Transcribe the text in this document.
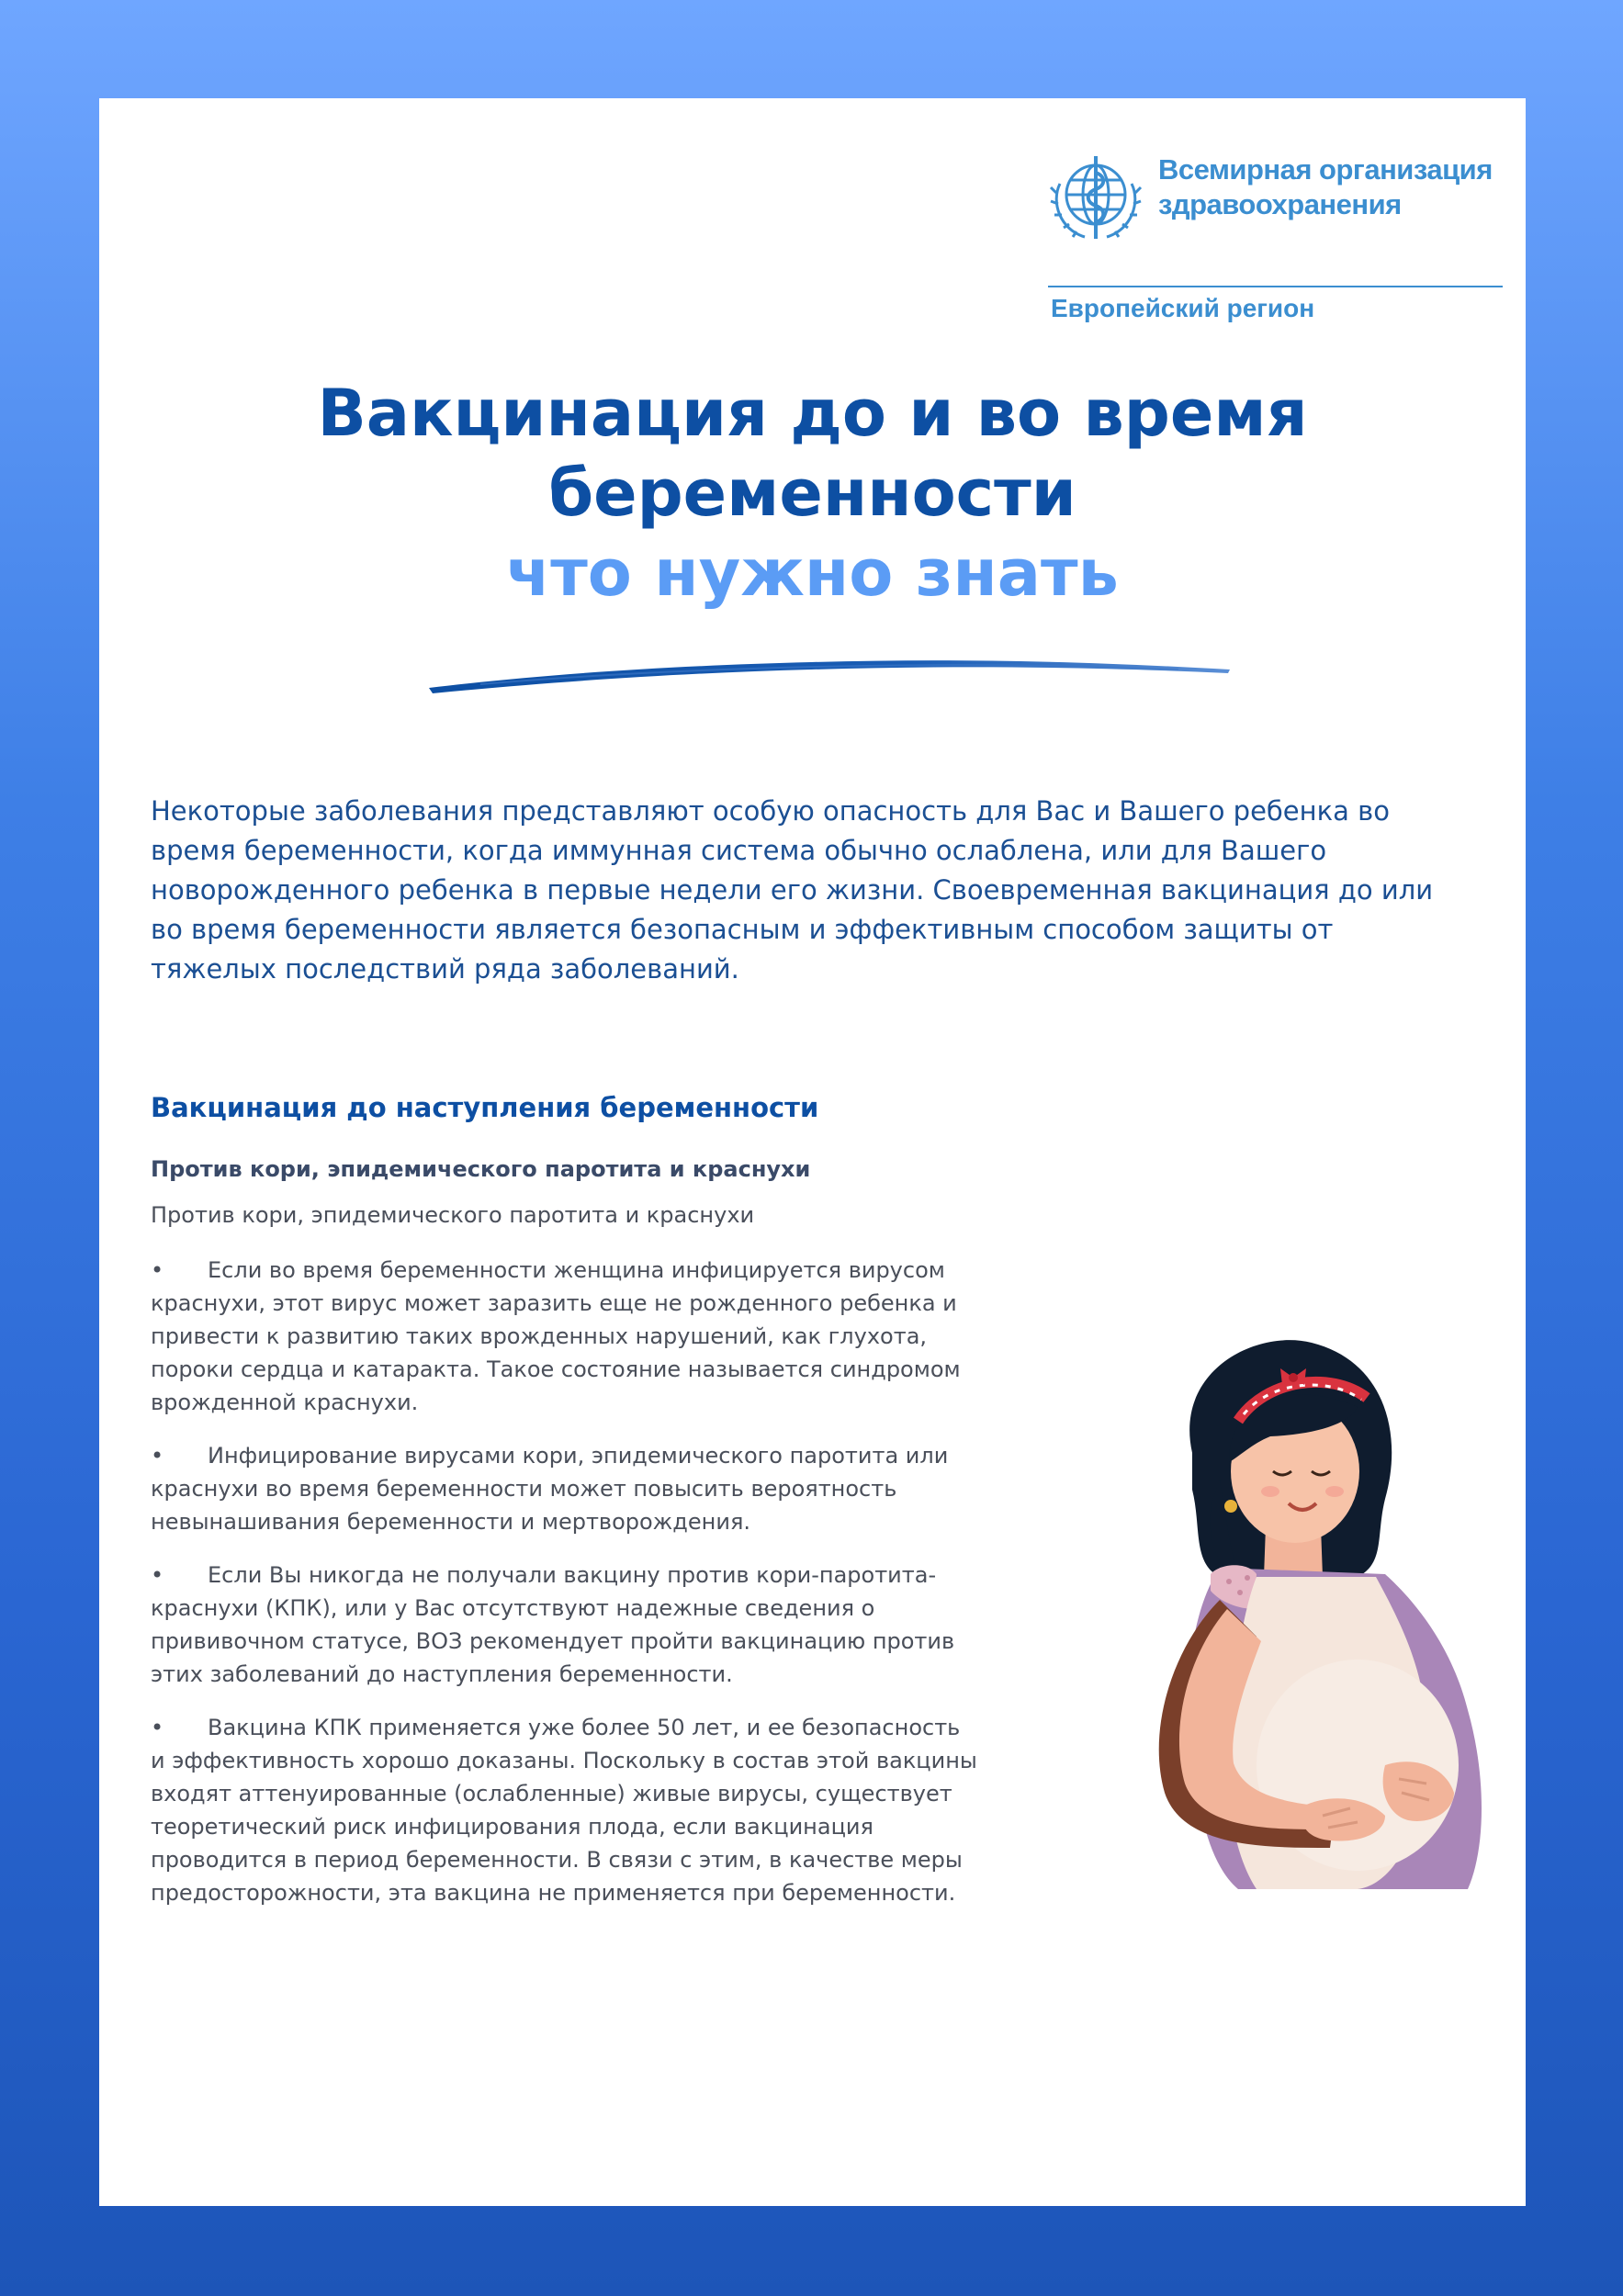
Всемирная организация
здравоохранения
Европейский регион
Вакцинация до и во время беременности
что нужно знать
Некоторые заболевания представляют особую опасность для Вас и Вашего ребенка во время беременности, когда иммунная система обычно ослаблена, или для Вашего новорожденного ребенка в первые недели его жизни. Своевременная вакцинация до или во время беременности является безопасным и эффективным способом защиты от тяжелых последствий ряда заболеваний.
Вакцинация до наступления беременности
Против кори, эпидемического паротита и краснухи
Против кори, эпидемического паротита и краснухи
• Если во время беременности женщина инфицируется вирусом краснухи, этот вирус может заразить еще не рожденного ребенка и привести к развитию таких врожденных нарушений, как глухота, пороки сердца и катаракта. Такое состояние называется синдромом врожденной краснухи.
• Инфицирование вирусами кори, эпидемического паротита или краснухи во время беременности может повысить вероятность невынашивания беременности и мертворождения.
• Если Вы никогда не получали вакцину против кори-паротита-краснухи (КПК), или у Вас отсутствуют надежные сведения о прививочном статусе, ВОЗ рекомендует пройти вакцинацию против этих заболеваний до наступления беременности.
• Вакцина КПК применяется уже более 50 лет, и ее безопасность и эффективность хорошо доказаны. Поскольку в состав этой вакцины входят аттенуированные (ослабленные) живые вирусы, существует теоретический риск инфицирования плода, если вакцинация проводится в период беременности. В связи с этим, в качестве меры предосторожности, эта вакцина не применяется при беременности.
